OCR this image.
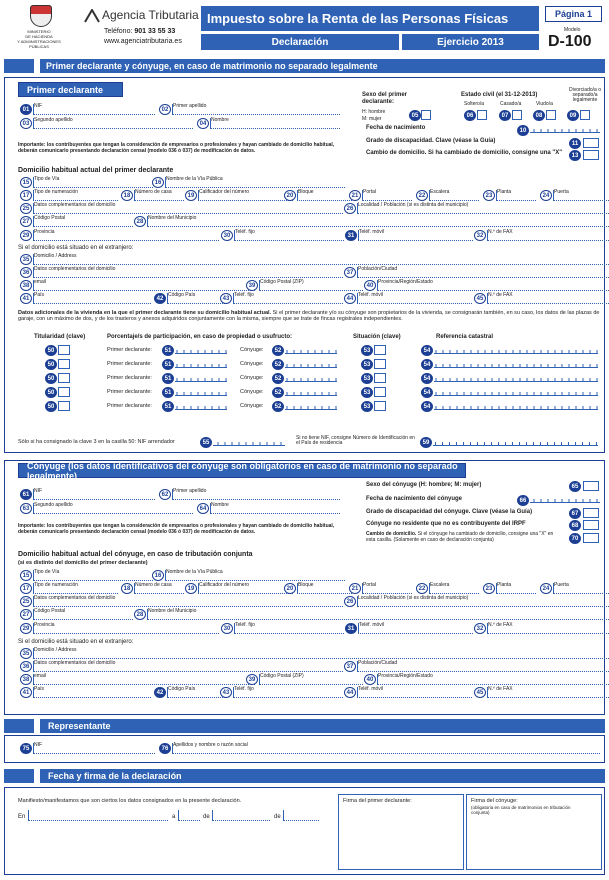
MINISTERIO
DE HACIENDA
Y ADMINISTRACIONES PÚBLICAS
Agencia Tributaria
Teléfono: 901 33 55 33
www.agenciatributaria.es
Impuesto sobre la Renta de las Personas Físicas
Declaración	Ejercicio 2013
Página 1
Modelo
D-100
Primer declarante y cónyuge, en caso de matrimonio no separado legalmente
Primer declarante
01
NIF
02
Primer apellido
03
Segundo apellido
04
Nombre
Sexo del primer declarante:
H: hombre
M: mujer
05
Estado civil (el 31-12-2013)
Soltero/a	Casado/a	Viudo/a
Divorciado/a o separado/a legalmente
06	07	08	09
Fecha de nacimiento	10
Grado de discapacidad. Clave (véase la Guía)	11
Cambio de domicilio. Si ha cambiado de domicilio, consigne una "X"	13
Importante: los contribuyentes que tengan la consideración de empresarios o profesionales y hayan cambiado de domicilio habitual, deberán comunicarlo presentando declaración censal (modelo 036 ó 037) de modificación de datos.
Domicilio habitual actual del primer declarante
15
Tipo de Vía
16
Nombre de la Vía Pública
17
Tipo de numeración
18
Número de casa
19
Calificador del número
20
Bloque
21
Portal
22
Escalera
23
Planta
24
Puerta
25
Datos complementarios del domicilio
26
Localidad / Población (si es distinta del municipio)
27
Código Postal
28
Nombre del Municipio
29
Provincia
30
Teléf. fijo
31
Teléf. móvil
32
N.º de FAX
Si el domicilio está situado en el extranjero:
35
Domicilio / Address
36
Datos complementarios del domicilio
37
Población/Ciudad
38
email
39
Código Postal (ZIP)
40
Provincia/Región/Estado
41
País
42
Código País
43
Teléf. fijo
44
Teléf. móvil
45
N.º de FAX
Datos adicionales de la vivienda en la que el primer declarante tiene su domicilio habitual actual. Si el primer declarante y/o su cónyuge son propietarios de la vivienda, se consignarán también, en su caso, los datos de las plazas de garaje, con un máximo de dos, y de los trasteros y anexos adquiridos conjuntamente con la misma, siempre que se trate de fincas registrales independientes.
Titularidad (clave)	Porcentaje/s de participación, en caso de propiedad o usufructo:	Situación (clave)	Referencia catastral
50	Primer declarante:	51	Cónyuge:	52	53	54
50	Primer declarante:	51	Cónyuge:	52	53	54
50	Primer declarante:	51	Cónyuge:	52	53	54
50	Primer declarante:	51	Cónyuge:	52	53	54
50	Primer declarante:	51	Cónyuge:	52	53	54
Sólo si ha consignado la clave 3 en la casilla 50: NIF arrendador	55
Si no tiene NIF, consigne Número de Identificación en el País de residencia	59
Cónyuge (los datos identificativos del cónyuge son obligatorios en caso de matrimonio no separado legalmente)
61
NIF
62
Primer apellido
63
Segundo apellido
64
Nombre
Sexo del cónyuge (H: hombre; M: mujer)	65
Fecha de nacimiento del cónyuge	66
Grado de discapacidad del cónyuge. Clave (véase la Guía)	67
Cónyuge no residente que no es contribuyente del IRPF	68
Cambio de domicilio. Si el cónyuge ha cambiado de domicilio, consigne una "X" en esta casilla. (Solamente en caso de declaración conjunta)	70
Importante: los contribuyentes que tengan la consideración de empresarios o profesionales y hayan cambiado de domicilio habitual, deberán comunicarlo presentando declaración censal (modelo 036 ó 037) de modificación de datos.
Domicilio habitual actual del cónyuge, en caso de tributación conjunta
(si es distinto del domicilio del primer declarante)
15
Tipo de Vía
16
Nombre de la Vía Pública
17
Tipo de numeración
18
Número de casa
19
Calificador del número
20
Bloque
21
Portal
22
Escalera
23
Planta
24
Puerta
25
Datos complementarios del domicilio
26
Localidad / Población (si es distinta del municipio)
27
Código Postal
28
Nombre del Municipio
29
Provincia
30
Teléf. fijo
31
Teléf. móvil
32
N.º de FAX
Si el domicilio está situado en el extranjero:
35
Domicilio / Address
36
Datos complementarios del domicilio
37
Población/Ciudad
38
email
39
Código Postal (ZIP)
40
Provincia/Región/Estado
41
País
42
Código País
43
Teléf. fijo
44
Teléf. móvil
45
N.º de FAX
Representante
75
NIF
76
Apellidos y nombre o razón social
Fecha y firma de la declaración
Manifiesto/manifestamos que son ciertos los datos consignados en la presente declaración.
En	a	de	de
Firma del primer declarante:	Firma del cónyuge:
(obligatoria en caso de matrimonios en tributación conjunta)
